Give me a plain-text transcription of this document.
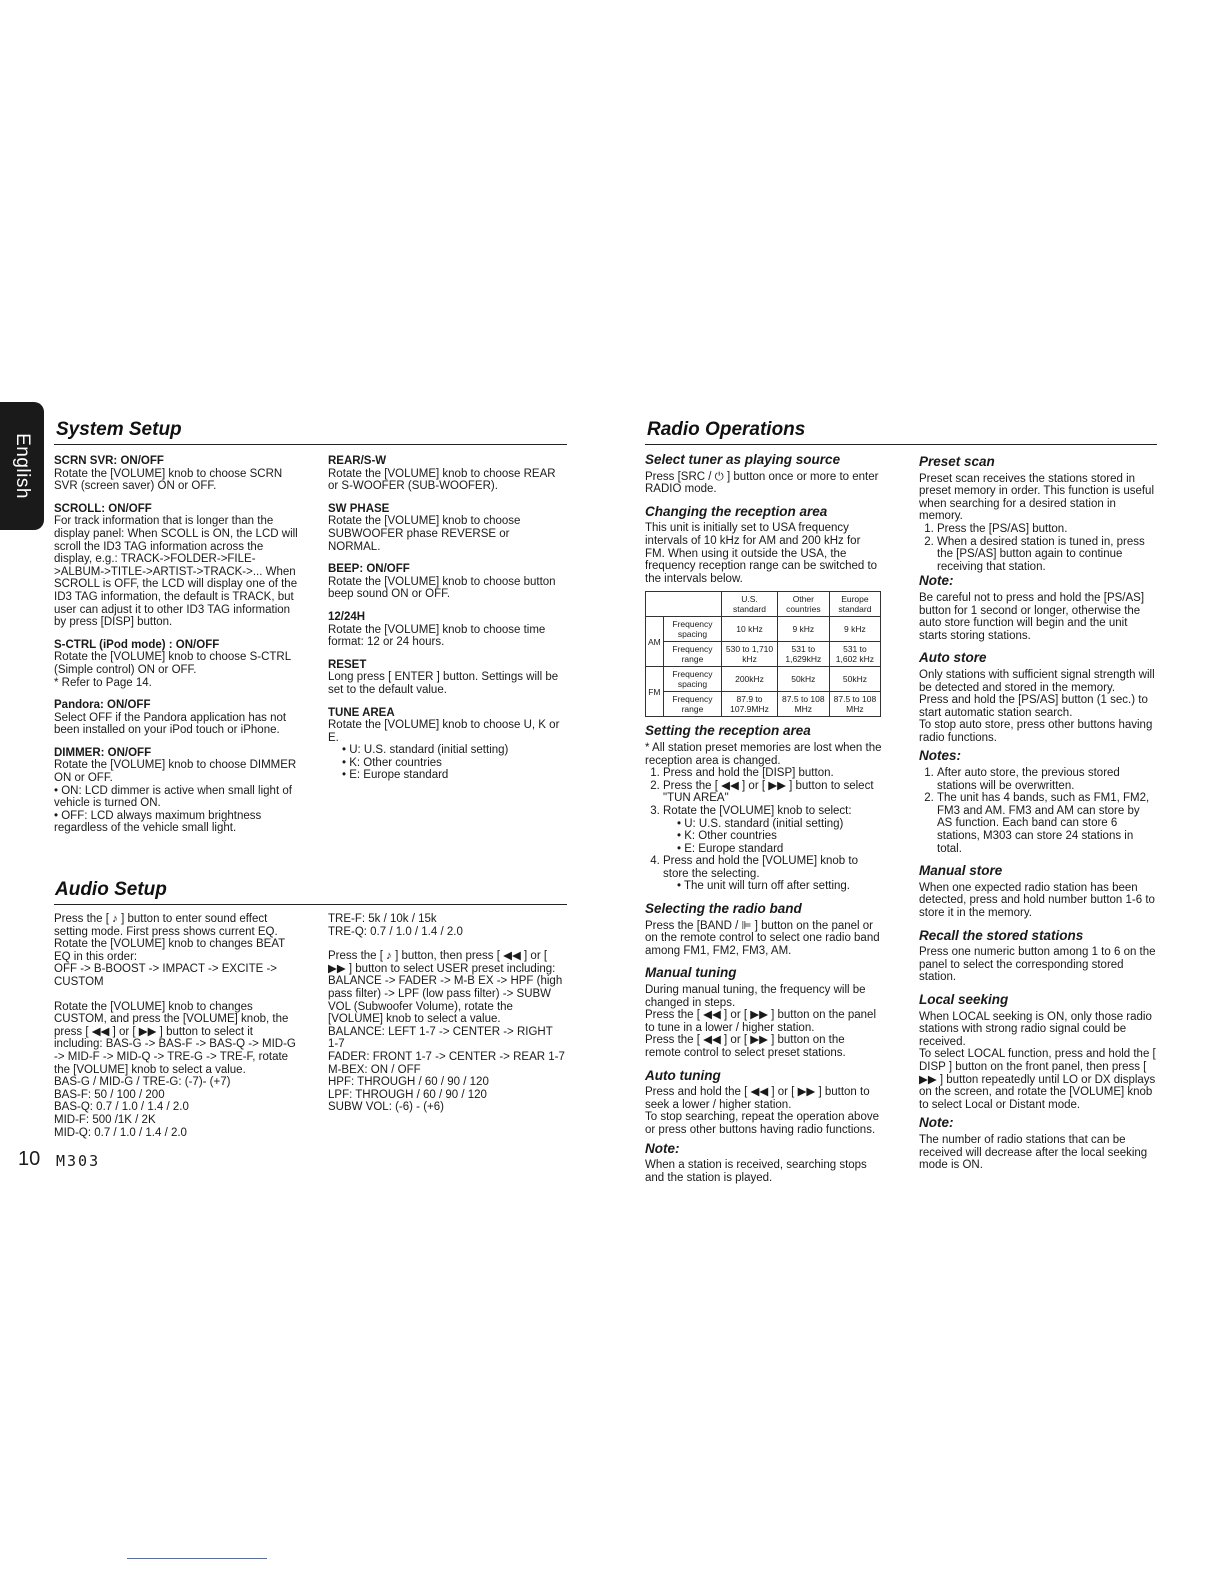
English
System Setup
SCRN SVR: ON/OFF
Rotate the [VOLUME] knob to choose SCRN SVR (screen saver) ON or OFF.
SCROLL: ON/OFF
For track information that is longer than the display panel: When SCOLL is ON, the LCD will scroll the ID3 TAG information across the display, e.g.: TRACK->FOLDER->FILE->ALBUM->TITLE->ARTIST->TRACK->... When SCROLL is OFF, the LCD will display one of the ID3 TAG information, the default is TRACK, but user can adjust it to other ID3 TAG information by press [DISP] button.
S-CTRL (iPod mode) : ON/OFF
Rotate the [VOLUME] knob to choose S-CTRL (Simple control) ON or OFF.
* Refer to Page 14.
Pandora: ON/OFF
Select OFF if the Pandora application has not been installed on your iPod touch or iPhone.
DIMMER: ON/OFF
Rotate the [VOLUME] knob to choose DIMMER ON or OFF.
• ON: LCD dimmer is active when small light of vehicle is turned ON.
• OFF: LCD always maximum brightness regardless of the vehicle small light.
REAR/S-W
Rotate the [VOLUME] knob to choose REAR or S-WOOFER (SUB-WOOFER).
SW PHASE
Rotate the [VOLUME] knob to choose SUBWOOFER phase REVERSE or NORMAL.
BEEP: ON/OFF
Rotate the [VOLUME] knob to choose button beep sound ON or OFF.
12/24H
Rotate the [VOLUME] knob to choose time format: 12 or 24 hours.
RESET
Long press [ ENTER ] button. Settings will be set to the default value.
TUNE AREA
Rotate the [VOLUME] knob to choose U, K or E.
• U: U.S. standard (initial setting)
• K: Other countries
• E: Europe standard
Audio Setup

Press the [ ♪ ] button to enter sound effect setting mode. First press shows current EQ. Rotate the [VOLUME] knob to changes BEAT EQ in this order:

OFF -> B-BOOST -> IMPACT -> EXCITE -> CUSTOM

Rotate the [VOLUME] knob to changes CUSTOM, and press the [VOLUME] knob, the press [ ◀◀ ] or [ ▶▶ ] button to select it including: BAS-G -> BAS-F -> BAS-Q -> MID-G -> MID-F -> MID-Q -> TRE-G -> TRE-F, rotate the [VOLUME] knob to select a value.

BAS-G / MID-G / TRE-G: (-7)- (+7)
BAS-F: 50 / 100 / 200
BAS-Q: 0.7 / 1.0 / 1.4 / 2.0
MID-F: 500 /1K / 2K
MID-Q: 0.7 / 1.0 / 1.4 / 2.0
TRE-F: 5k / 10k / 15k
TRE-Q: 0.7 / 1.0 / 1.4 / 2.0
Press the [ ♪ ] button, then press [ ◀◀ ] or [ ▶▶ ] button to select USER preset including:
BALANCE -> FADER -> M-B EX -> HPF (high pass filter) -> LPF (low pass filter) -> SUBW VOL (Subwoofer Volume), rotate the [VOLUME] knob to select a value.
BALANCE: LEFT 1-7 -> CENTER -> RIGHT 1-7
FADER: FRONT 1-7 -> CENTER -> REAR 1-7
M-BEX: ON / OFF
HPF: THROUGH / 60 / 90 / 120
LPF: THROUGH / 60 / 90 / 120
SUBW VOL: (-6) - (+6)
Radio Operations
Select tuner as playing source
Press [SRC / ⏻ ] button once or more to enter RADIO mode.
Changing the reception area
This unit is initially set to USA frequency intervals of 10 kHz for AM and 200 kHz for FM. When using it outside the USA, the frequency reception range can be switched to the intervals below.
		U.S. standard	Other countries	Europe standard
AM	Frequency spacing	10 kHz	9 kHz	9 kHz
	Frequency range	530 to 1,710 kHz	531 to 1,629kHz	531 to 1,602 kHz
FM	Frequency spacing	200kHz	50kHz	50kHz
	Frequency range	87.9 to 107.9MHz	87.5 to 108 MHz	87.5 to 108 MHz
Setting the reception area
* All station preset memories are lost when the reception area is changed.
1. Press and hold the [DISP] button.
2. Press the [ ◀◀ ] or [ ▶▶ ] button to select "TUN AREA"
3. Rotate the [VOLUME] knob to select:
• U: U.S. standard (initial setting)
• K: Other countries
• E: Europe standard
4. Press and hold the [VOLUME] knob to store the selecting.
• The unit will turn off after setting.
Selecting the radio band
Press the [BAND / ⊫ ] button on the panel or on the remote control to select one radio band among FM1, FM2, FM3, AM.
Manual tuning
During manual tuning, the frequency will be changed in steps.
Press the [ ◀◀ ] or [ ▶▶ ] button on the panel to tune in a lower / higher station.
Press the [ ◀◀ ] or [ ▶▶ ] button on the remote control to select preset stations.
Auto tuning
Press and hold the [ ◀◀ ] or [ ▶▶ ] button to seek a lower / higher station.
To stop searching, repeat the operation above or press other buttons having radio functions.
Note:
When a station is received, searching stops and the station is played.
Preset scan
Preset scan receives the stations stored in preset memory in order. This function is useful when searching for a desired station in memory.
1. Press the [PS/AS] button.
2. When a desired station is tuned in, press the [PS/AS] button again to continue receiving that station.
Note:
Be careful not to press and hold the [PS/AS] button for 1 second or longer, otherwise the auto store function will begin and the unit starts storing stations.
Auto store
Only stations with sufficient signal strength will be detected and stored in the memory.
Press and hold the [PS/AS] button (1 sec.) to start automatic station search.
To stop auto store, press other buttons having radio functions.
Notes:
1. After auto store, the previous stored stations will be overwritten.
2. The unit has 4 bands, such as FM1, FM2, FM3 and AM. FM3 and AM can store by AS function. Each band can store 6 stations, M303 can store 24 stations in total.
Manual store
When one expected radio station has been detected, press and hold number button 1-6 to store it in the memory.
Recall the stored stations
Press one numeric button among 1 to 6 on the panel to select the corresponding stored station.
Local seeking
When LOCAL seeking is ON, only those radio stations with strong radio signal could be received.
To select LOCAL function, press and hold the [ DISP ] button on the front panel, then press [ ▶▶ ] button repeatedly until LO or DX displays on the screen, and rotate the [VOLUME] knob to select Local or Distant mode.
Note:
The number of radio stations that can be received will decrease after the local seeking mode is ON.
10 M303
